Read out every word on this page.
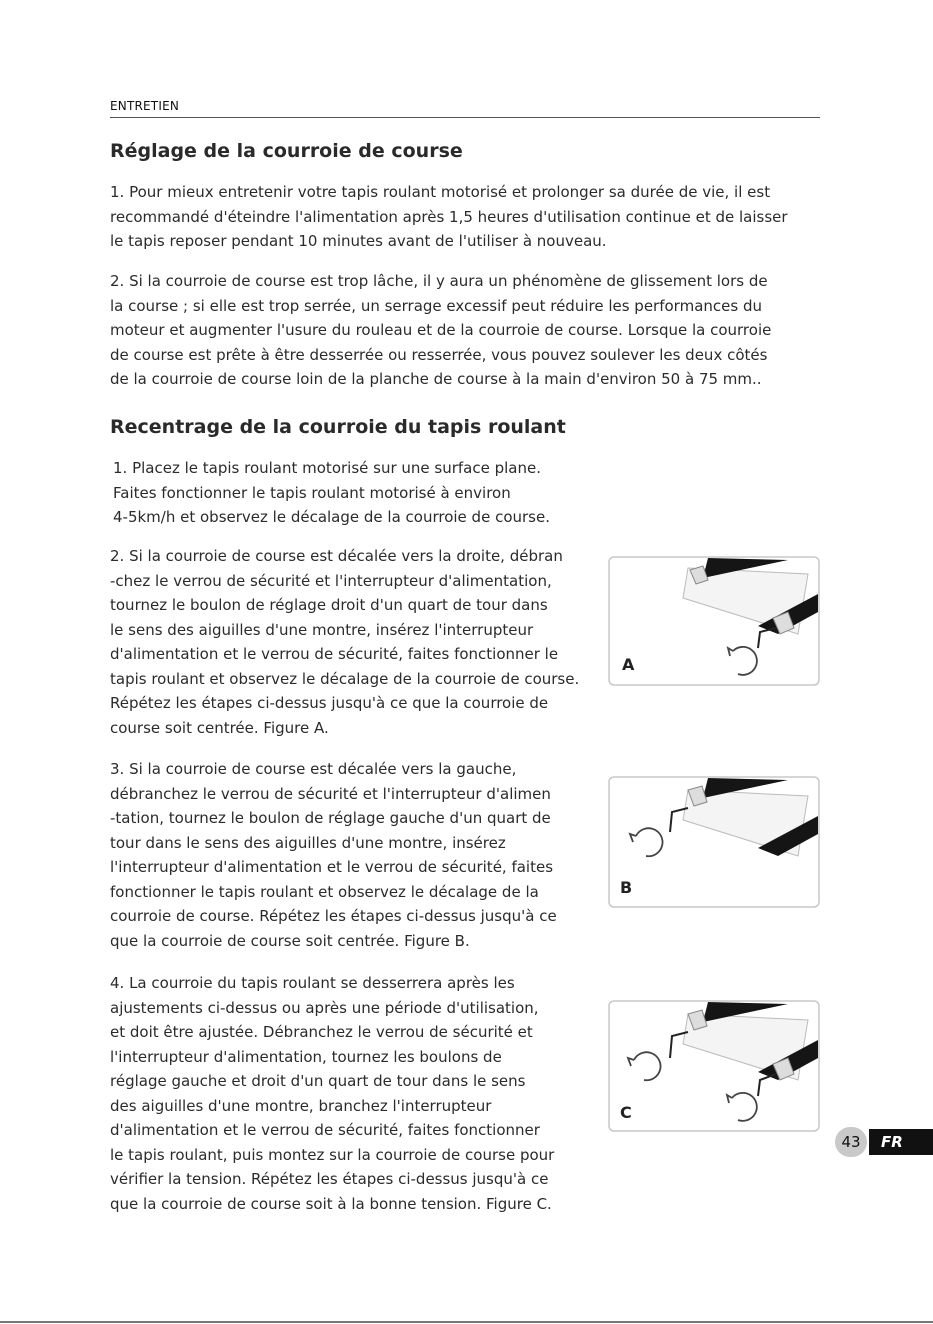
ENTRETIEN
Réglage de la courroie de course

1. Pour mieux entretenir votre tapis roulant motorisé et prolonger sa durée de vie, il est
recommandé d'éteindre l'alimentation après 1,5 heures d'utilisation continue et de laisser
le tapis reposer pendant 10 minutes avant de l'utiliser à nouveau.

2. Si la courroie de course est trop lâche, il y aura un phénomène de glissement lors de
la course ; si elle est trop serrée, un serrage excessif peut réduire les performances du
moteur et augmenter l'usure du rouleau et de la courroie de course. Lorsque la courroie
de course est prête à être desserrée ou resserrée, vous pouvez soulever les deux côtés
de la courroie de course loin de la planche de course à la main d'environ 50 à 75 mm..

Recentrage de la courroie du tapis roulant

1. Placez le tapis roulant motorisé sur une surface plane.
Faites fonctionner le tapis roulant motorisé à environ
4-5km/h et observez le décalage de la courroie de course.

2. Si la courroie de course est décalée vers la droite, débran
-chez le verrou de sécurité et l'interrupteur d'alimentation,
tournez le boulon de réglage droit d'un quart de tour dans
le sens des aiguilles d'une montre, insérez l'interrupteur
d'alimentation et le verrou de sécurité, faites fonctionner le
tapis roulant et observez le décalage de la courroie de course.
Répétez les étapes ci-dessus jusqu'à ce que la courroie de
course soit centrée. Figure A.

3. Si la courroie de course est décalée vers la gauche,
débranchez le verrou de sécurité et l'interrupteur d'alimen
-tation, tournez le boulon de réglage gauche d'un quart de
tour dans le sens des aiguilles d'une montre, insérez
l'interrupteur d'alimentation et le verrou de sécurité, faites
fonctionner le tapis roulant et observez le décalage de la
courroie de course. Répétez les étapes ci-dessus jusqu'à ce
que la courroie de course soit centrée. Figure B.

4. La courroie du tapis roulant se desserrera après les
ajustements ci-dessus ou après une période d'utilisation,
et doit être ajustée. Débranchez le verrou de sécurité et
l'interrupteur d'alimentation, tournez les boulons de
réglage gauche et droit d'un quart de tour dans le sens
des aiguilles d'une montre, branchez l'interrupteur
d'alimentation et le verrou de sécurité, faites fonctionner
le tapis roulant, puis montez sur la courroie de course pour
vérifier la tension. Répétez les étapes ci-dessus jusqu'à ce
que la courroie de course soit à la bonne tension. Figure C.

A
B
C
43	FR
